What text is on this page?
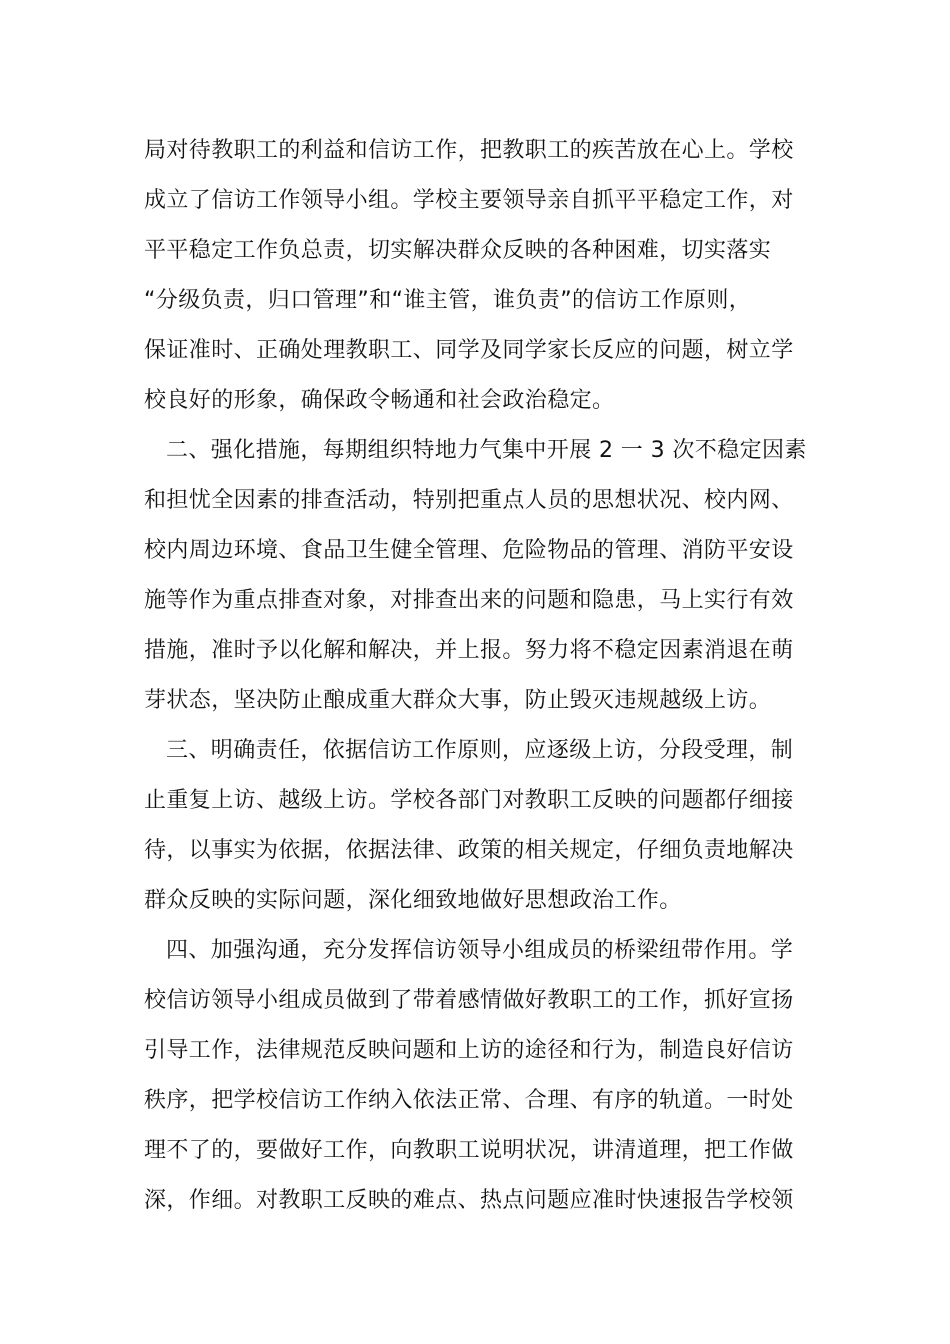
局对待教职工的利益和信访工作，把教职工的疾苦放在心上。学校
成立了信访工作领导小组。学校主要领导亲自抓平平稳定工作，对
平平稳定工作负总责，切实解决群众反映的各种困难，切实落实
“分级负责，归口管理”和“谁主管，谁负责”的信访工作原则，
保证准时、正确处理教职工、同学及同学家长反应的问题，树立学
校良好的形象，确保政令畅通和社会政治稳定。
二、强化措施，每期组织特地力气集中开展 2 一 3 次不稳定因素
和担忧全因素的排查活动，特别把重点人员的思想状况、校内网、
校内周边环境、食品卫生健全管理、危险物品的管理、消防平安设
施等作为重点排查对象，对排查出来的问题和隐患，马上实行有效
措施，准时予以化解和解决，并上报。努力将不稳定因素消退在萌
芽状态，坚决防止酿成重大群众大事，防止毁灭违规越级上访。
三、明确责任，依据信访工作原则，应逐级上访，分段受理，制
止重复上访、越级上访。学校各部门对教职工反映的问题都仔细接
待，以事实为依据，依据法律、政策的相关规定，仔细负责地解决
群众反映的实际问题，深化细致地做好思想政治工作。
四、加强沟通，充分发挥信访领导小组成员的桥梁纽带作用。学
校信访领导小组成员做到了带着感情做好教职工的工作，抓好宣扬
引导工作，法律规范反映问题和上访的途径和行为，制造良好信访
秩序，把学校信访工作纳入依法正常、合理、有序的轨道。一时处
理不了的，要做好工作，向教职工说明状况，讲清道理，把工作做
深，作细。对教职工反映的难点、热点问题应准时快速报告学校领
